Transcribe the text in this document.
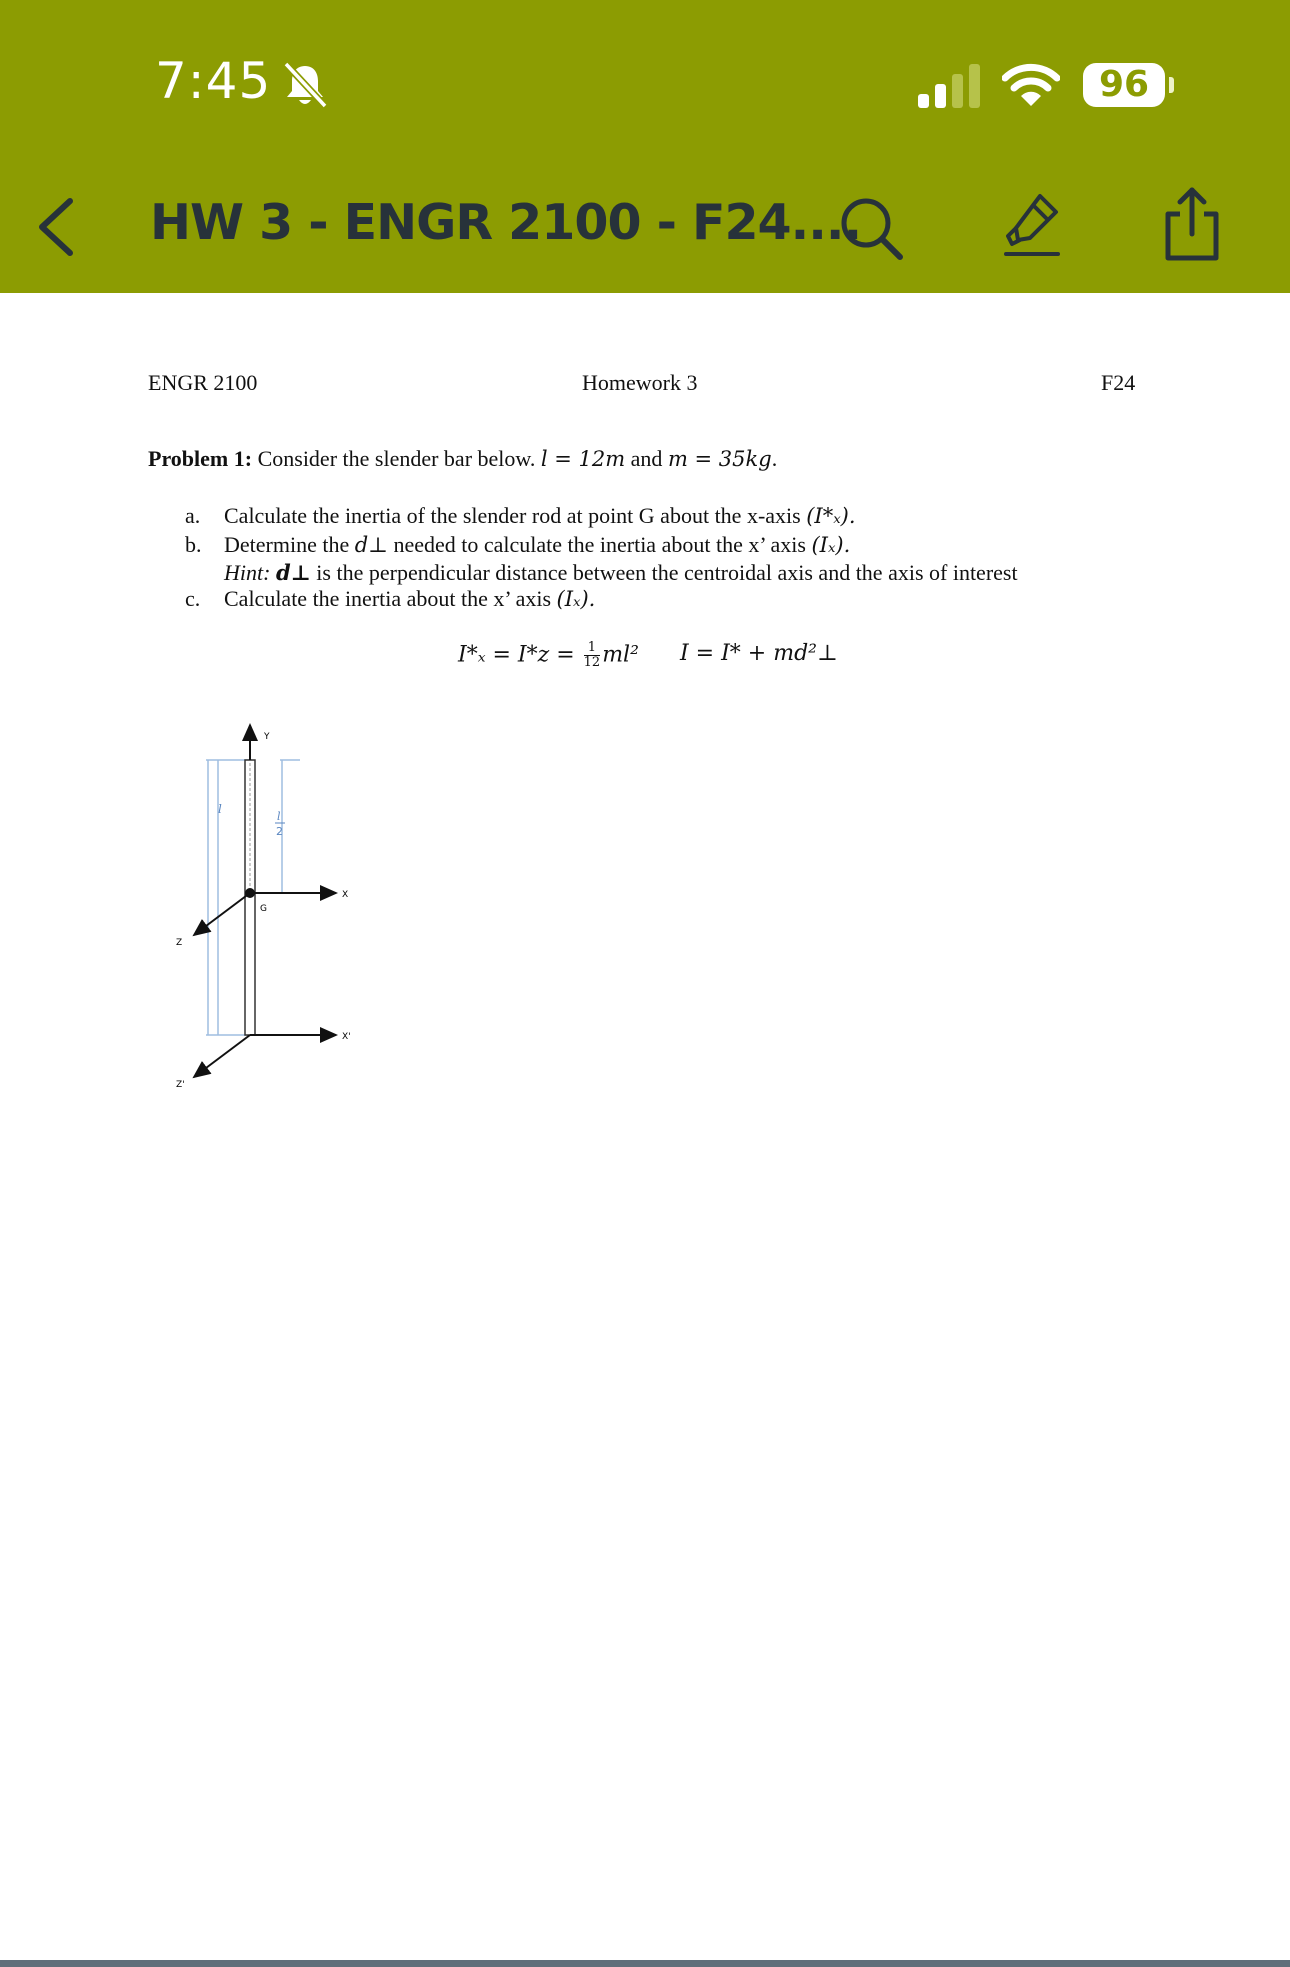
7:45	96
HW 3 - ENGR 2100 - F24....
ENGR 2100	Homework 3	F24
Problem 1: Consider the slender bar below. l = 12m and m = 35kg.
a. Calculate the inertia of the slender rod at point G about the x-axis (I*ₓ).
b. Determine the d⊥ needed to calculate the inertia about the x’ axis (Iₓ).
Hint: d⊥ is the perpendicular distance between the centroidal axis and the axis of interest
c. Calculate the inertia about the x’ axis (Iₓ).
$I*_x = I*z = \frac{1}{12} ml^2$ I = I* + md²⊥
Y
X
X'
Z
Z'
G
l
l
2
